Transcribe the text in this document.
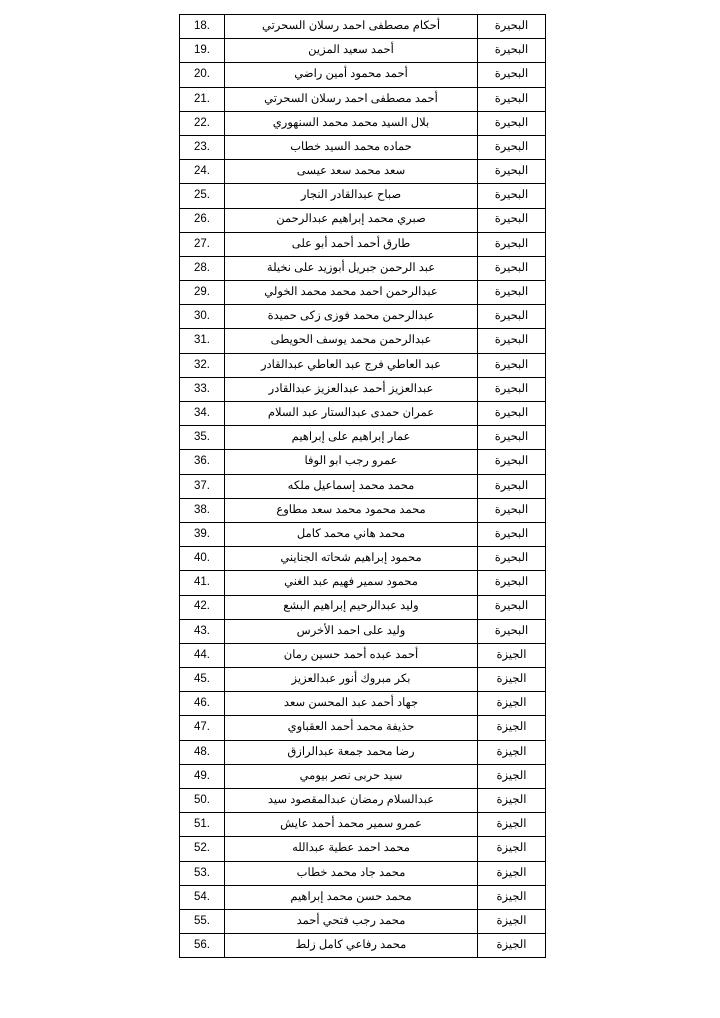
البحيرة	أحكام مصطفى احمد رسلان السحرتي	18.
البحيرة	أحمد سعيد المزين	19.
البحيرة	أحمد محمود أمين راضي	20.
البحيرة	أحمد مصطفى احمد رسلان السحرتي	21.
البحيرة	بلال السيد محمد محمد السنهوري	22.
البحيرة	حماده محمد السيد خطاب	23.
البحيرة	سعد محمد سعد عيسى	24.
البحيرة	صباح عبدالقادر النجار	25.
البحيرة	صبري محمد إبراهيم عبدالرحمن	26.
البحيرة	طارق أحمد أحمد أبو على	27.
البحيرة	عبد الرحمن جبريل أبوزيد على نخيلة	28.
البحيرة	عبدالرحمن احمد محمد محمد الخولي	29.
البحيرة	عبدالرحمن محمد فوزى زكى حميدة	30.
البحيرة	عبدالرحمن محمد يوسف الحويطى	31.
البحيرة	عبد العاطي فرج عبد العاطي عبدالقادر	32.
البحيرة	عبدالعزيز أحمد عبدالعزيز عبدالقادر	33.
البحيرة	عمران حمدى عبدالستار عبد السلام	34.
البحيرة	عمار إبراهيم على إبراهيم	35.
البحيرة	عمرو رجب ابو الوفا	36.
البحيرة	محمد محمد إسماعيل ملكه	37.
البحيرة	محمد محمود محمد سعد مطاوع	38.
البحيرة	محمد هاني محمد كامل	39.
البحيرة	محمود إبراهيم شحاته الجنايني	40.
البحيرة	محمود سمير فهيم عبد الغني	41.
البحيرة	وليد عبدالرحيم إبراهيم البشع	42.
البحيرة	وليد على احمد الأخرس	43.
الجيزة	أحمد عبده أحمد حسين رمان	44.
الجيزة	بكر مبروك أنور عبدالعزيز	45.
الجيزة	جهاد أحمد عبد المحسن سعد	46.
الجيزة	حذيفة محمد أحمد العقباوي	47.
الجيزة	رضا محمد جمعة عبدالرازق	48.
الجيزة	سيد حربى نصر بيومي	49.
الجيزة	عبدالسلام رمضان عبدالمقصود سيد	50.
الجيزة	عمرو سمير محمد أحمد عايش	51.
الجيزة	محمد احمد عطية عبدالله	52.
الجيزة	محمد جاد محمد خطاب	53.
الجيزة	محمد حسن محمد إبراهيم	54.
الجيزة	محمد رجب فتحي أحمد	55.
الجيزة	محمد رفاعي كامل زلط	56.
